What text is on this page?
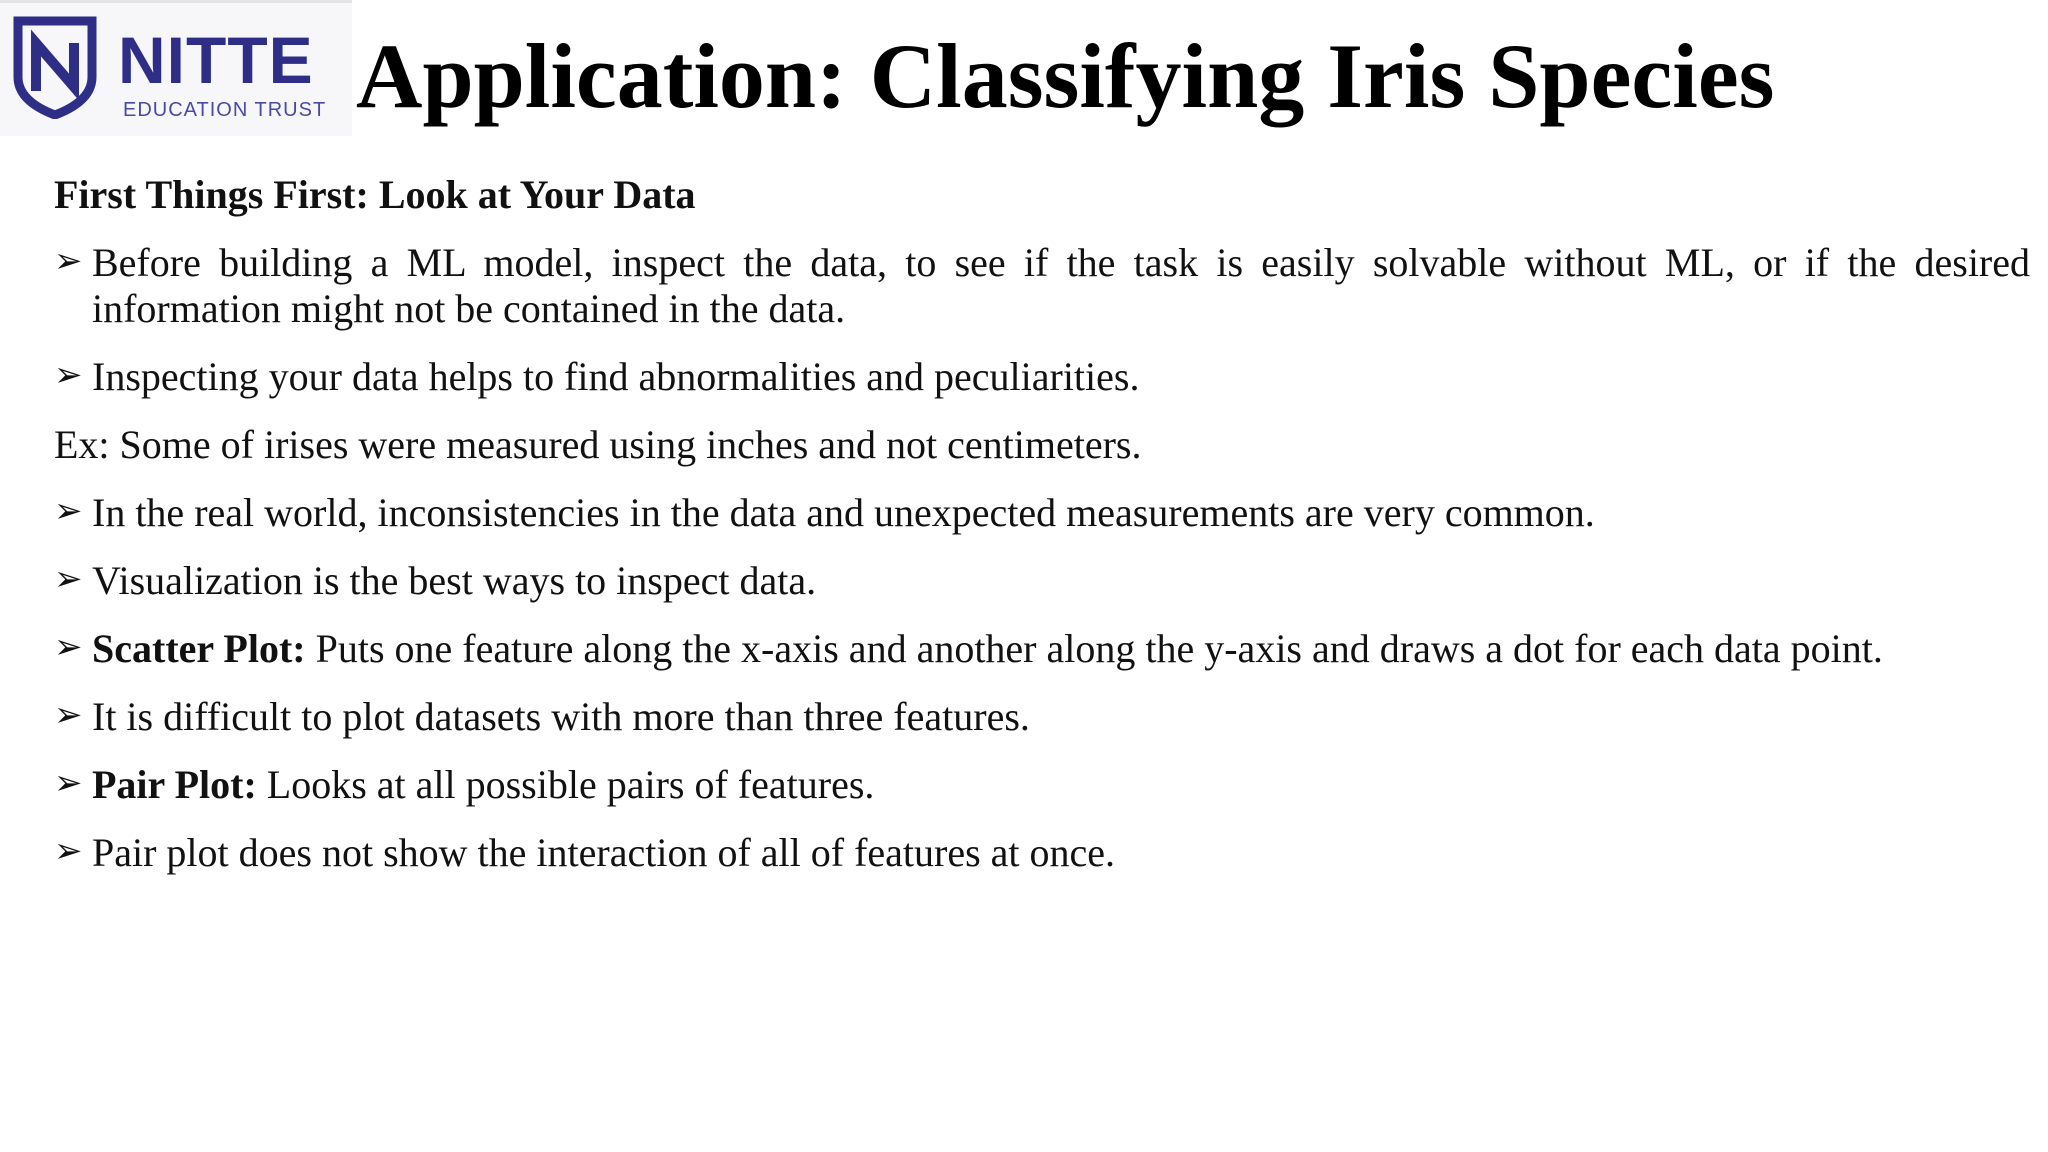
NITTE
EDUCATION TRUST Application: Classifying Iris Species
First Things First: Look at Your Data
➢ Before building a ML model, inspect the data, to see if the task is easily solvable without ML, or if the desired information might not be contained in the data.
➢ Inspecting your data helps to find abnormalities and peculiarities.
Ex: Some of irises were measured using inches and not centimeters.
➢ In the real world, inconsistencies in the data and unexpected measurements are very common.
➢ Visualization is the best ways to inspect data.
➢ Scatter Plot: Puts one feature along the x-axis and another along the y-axis and draws a dot for each data point.
➢ It is difficult to plot datasets with more than three features.
➢ Pair Plot: Looks at all possible pairs of features.
➢ Pair plot does not show the interaction of all of features at once.
